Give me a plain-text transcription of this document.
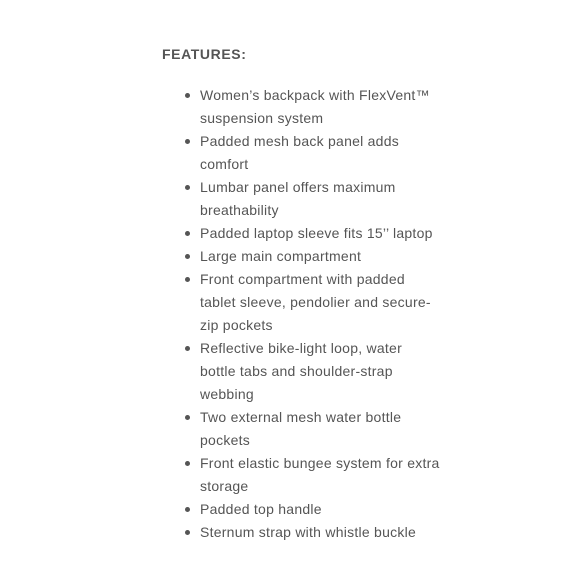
FEATURES:
Women’s backpack with FlexVent™ suspension system
Padded mesh back panel adds comfort
Lumbar panel offers maximum breathability
Padded laptop sleeve fits 15’’ laptop
Large main compartment
Front compartment with padded tablet sleeve, pendolier and secure-zip pockets
Reflective bike-light loop, water bottle tabs and shoulder-strap webbing
Two external mesh water bottle pockets
Front elastic bungee system for extra storage
Padded top handle
Sternum strap with whistle buckle
